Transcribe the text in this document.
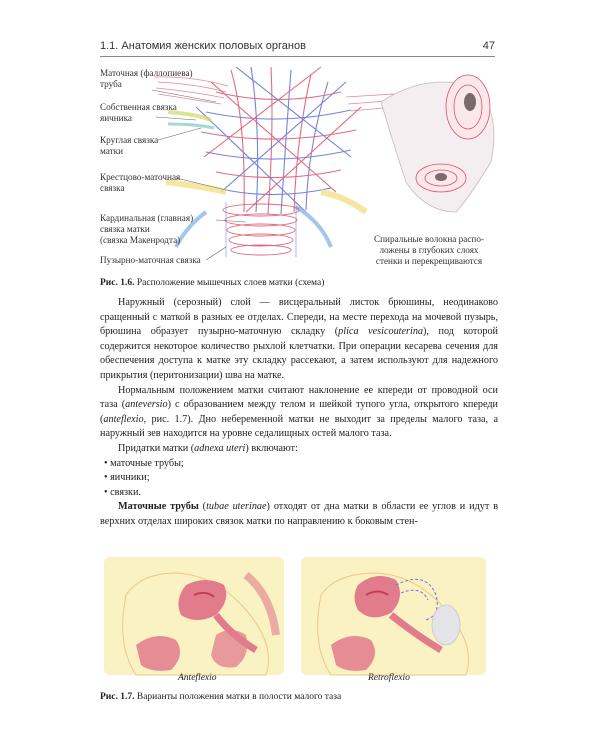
1.1. Анатомия женских половых органов	47
Маточная (фаллопиева)
труба
Собственная связка
яичника
Круглая связка
матки
Крестцово-маточная
связка
Кардинальная (главная)
связка матки
(связка Макенродта)
Пузырно-маточная связка
Спиральные волокна распо-
ложены в глубоких слоях
стенки и перекрещиваются
Рис. 1.6. Расположение мышечных слоев матки (схема)

Наружный (серозный) слой — висцеральный листок брюшины, неодинаково сращенный с маткой в разных ее отделах. Спереди, на месте перехода на мочевой пузырь, брюшина образует пузырно-маточную складку (plica vesicouterina), под которой содержится некоторое количество рыхлой клетчатки. При операции кесарева сечения для обеспечения доступа к матке эту складку рассекают, а затем используют для надежного прикрытия (перитонизации) шва на матке.

Нормальным положением матки считают наклонение ее кпереди от проводной оси таза (anteversio) с образованием между телом и шейкой тупого угла, открытого кпереди (anteflexio, рис. 1.7). Дно небеременной матки не выходит за пределы малого таза, а наружный зев находится на уровне седалищных остей малого таза.

Придатки матки (adnexa uteri) включают:

• маточные трубы;
• яичники;
• связки.

Маточные трубы (tubae uterinae) отходят от дна матки в области ее углов и идут в верхних отделах широких связок матки по направлению к боковым стен-

Anteflexio	Retroflexio
Рис. 1.7. Варианты положения матки в полости малого таза
